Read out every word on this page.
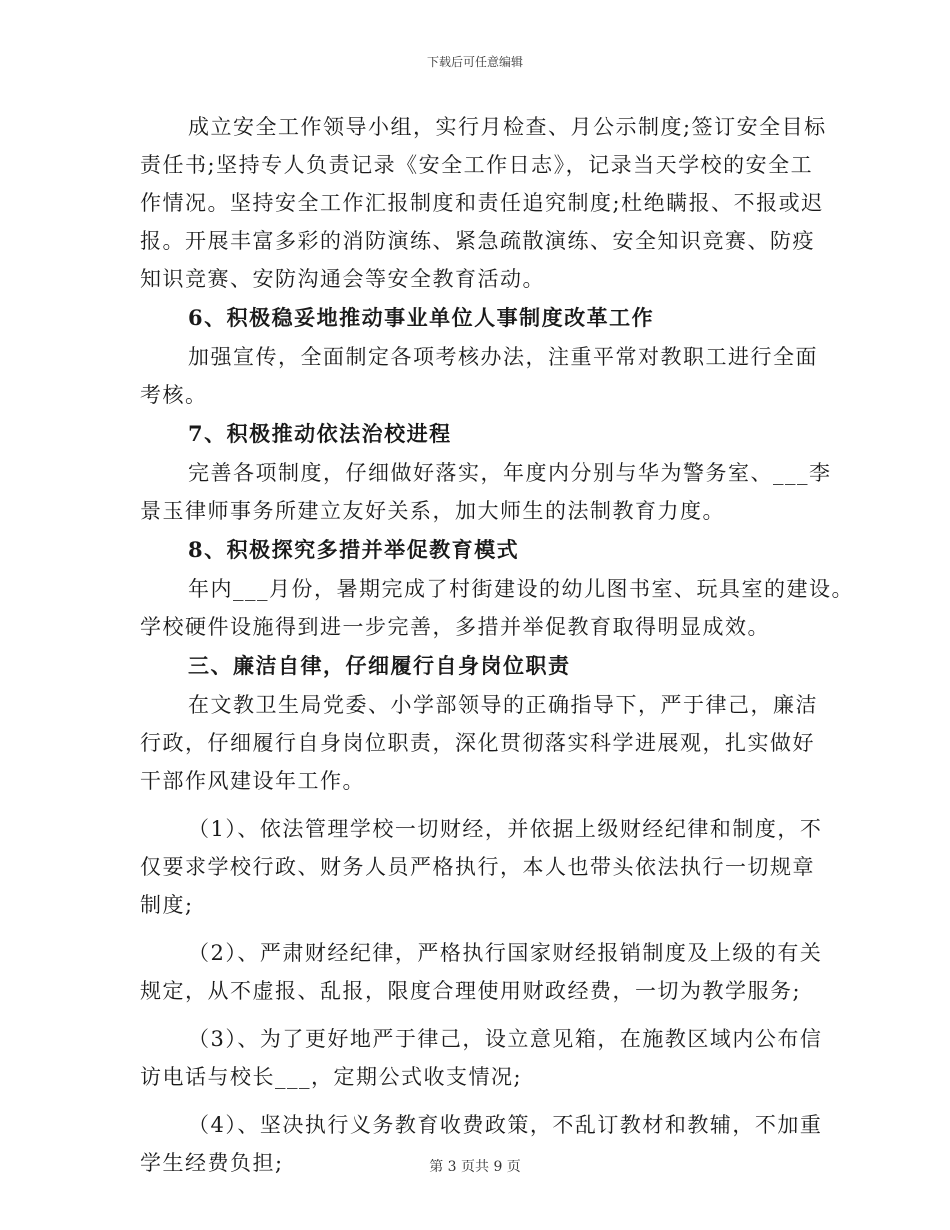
下载后可任意编辑
成立安全工作领导小组，实行月检查、月公示制度;签订安全目标
责任书;坚持专人负责记录《安全工作日志》，记录当天学校的安全工
作情况。坚持安全工作汇报制度和责任追究制度;杜绝瞒报、不报或迟
报。开展丰富多彩的消防演练、紧急疏散演练、安全知识竞赛、防疫
知识竞赛、安防沟通会等安全教育活动。
6、积极稳妥地推动事业单位人事制度改革工作
加强宣传，全面制定各项考核办法，注重平常对教职工进行全面
考核。
7、积极推动依法治校进程
完善各项制度，仔细做好落实，年度内分别与华为警务室、___李
景玉律师事务所建立友好关系，加大师生的法制教育力度。
8、积极探究多措并举促教育模式
年内___月份，暑期完成了村街建设的幼儿图书室、玩具室的建设。
学校硬件设施得到进一步完善，多措并举促教育取得明显成效。
三、廉洁自律，仔细履行自身岗位职责
在文教卫生局党委、小学部领导的正确指导下，严于律己，廉洁
行政，仔细履行自身岗位职责，深化贯彻落实科学进展观，扎实做好
干部作风建设年工作。
（1）、依法管理学校一切财经，并依据上级财经纪律和制度，不
仅要求学校行政、财务人员严格执行，本人也带头依法执行一切规章
制度;
（2）、严肃财经纪律，严格执行国家财经报销制度及上级的有关
规定，从不虚报、乱报，限度合理使用财政经费，一切为教学服务;
（3）、为了更好地严于律己，设立意见箱，在施教区域内公布信
访电话与校长___，定期公式收支情况;
（4）、坚决执行义务教育收费政策，不乱订教材和教辅，不加重
学生经费负担;	第 3 页共 9 页
